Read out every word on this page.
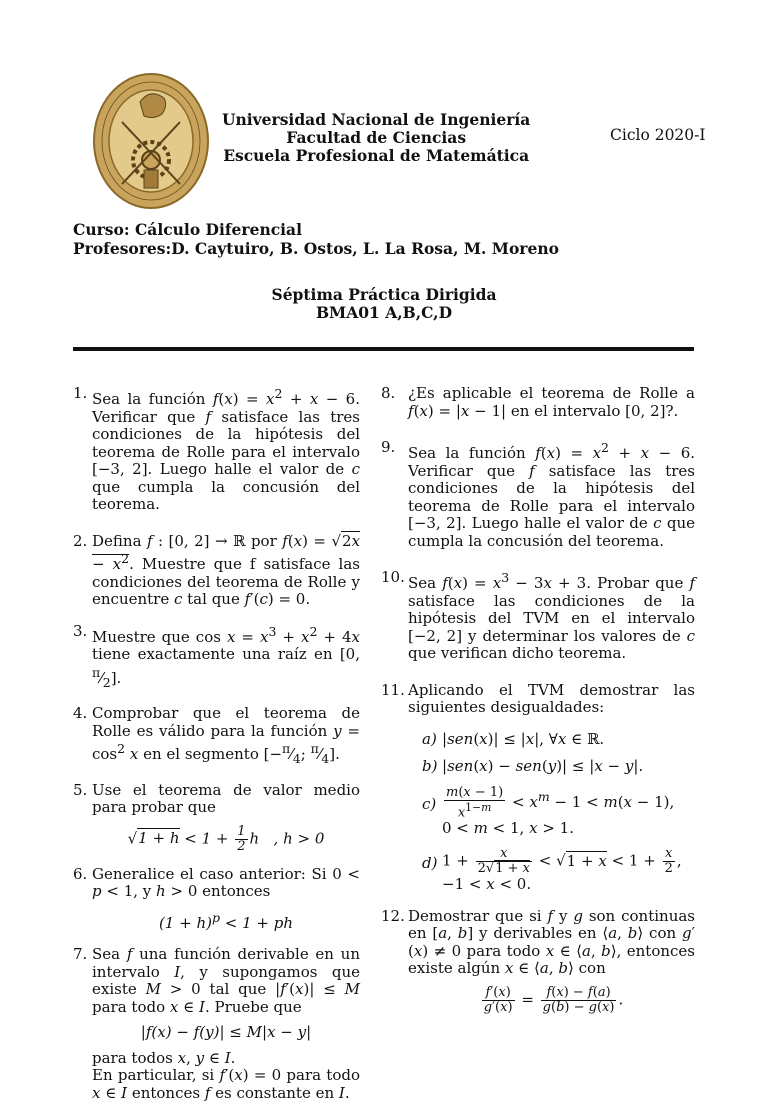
Universidad Nacional de Ingeniería
Facultad de Ciencias
Escuela Profesional de Matemática
Ciclo 2020-I
Curso: Cálculo Diferencial
Profesores:D. Caytuiro, B. Ostos, L. La Rosa, M. Moreno
Séptima Práctica Dirigida
BMA01 A,B,C,D
1. Sea la función $f(x) = x^2 + x - 6$. Verificar que f satisface las tres condiciones de la hipótesis del teorema de Rolle para el intervalo [−3, 2]. Luego halle el valor de c que cumpla la concusión del teorema.
2. Defina f : [0, 2] → ℝ por $f(x) = √2x - x^2$. Muestre que f satisface las condiciones del teorema de Rolle y encuentre c tal que f′(c) = 0.
3. Muestre que $\cos x = x^3 + x^2 + 4x$ tiene exactamente una raíz en [0, $^\pi⁄_2$].
4. Comprobar que el teorema de Rolle es válido para la función $y = \cos^2 x$ en el segmento [$-^\pi⁄_4$; $^\pi⁄_4$].
5. Use el teorema de valor medio para probar que
$√1 + h < 1 + \frac{1}{2}$ h   , h > 0
6. Generalice el caso anterior: Si 0 < p < 1, y h > 0 entonces
$(1 + h)^p < 1$ + ph
7. Sea f una función derivable en un intervalo I, y supongamos que existe M > 0 tal que |f′(x)| ≤ M para todo x ∈ I. Pruebe que
|f(x) − f(y)| ≤ M|x − y|
para todos x, y ∈ I.
En particular, si f′(x) = 0 para todo x ∈ I entonces f es constante en I.
8. ¿Es aplicable el teorema de Rolle a f(x) = |x − 1| en el intervalo [0, 2]?.
9. Sea la función $f(x) = x^2 + x - 6$. Verificar que f satisface las tres condiciones de la hipótesis del teorema de Rolle para el intervalo [−3, 2]. Luego halle el valor de c que cumpla la concusión del teorema.
10. Sea $f(x) = x^3 - 3x + 3$. Probar que f satisface las condiciones de la hipótesis del TVM en el intervalo [−2, 2] y determinar los valores de c que verifican dicho teorema.
11. Aplicando el TVM demostrar las siguientes desigualdades:
a) |sen(x)| ≤ |x|, ∀x ∈ ℝ.
b) |sen(x) − sen(y)| ≤ |x − y|.
$c) \frac{m(x - 1)}{x^{1-m}} < x^m - 1 < m(x - 1)$,
0 < m < 1, x > 1.
d) $1 + \frac{x}{2√1 + x} < √1 + x < 1 + \frac{x}{2}$ ,
−1 < x < 0.
12. Demostrar que si f y g son continuas en [a, b] y derivables en ⟨a, b⟩ con g′(x) ≠ 0 para todo x ∈ ⟨a, b⟩, entonces existe algún x ∈ ⟨a, b⟩ con
$\frac{f'(x)}{g'(x)} = \frac{f(x) - f(a)}{g(b) - g(x)}$ .
